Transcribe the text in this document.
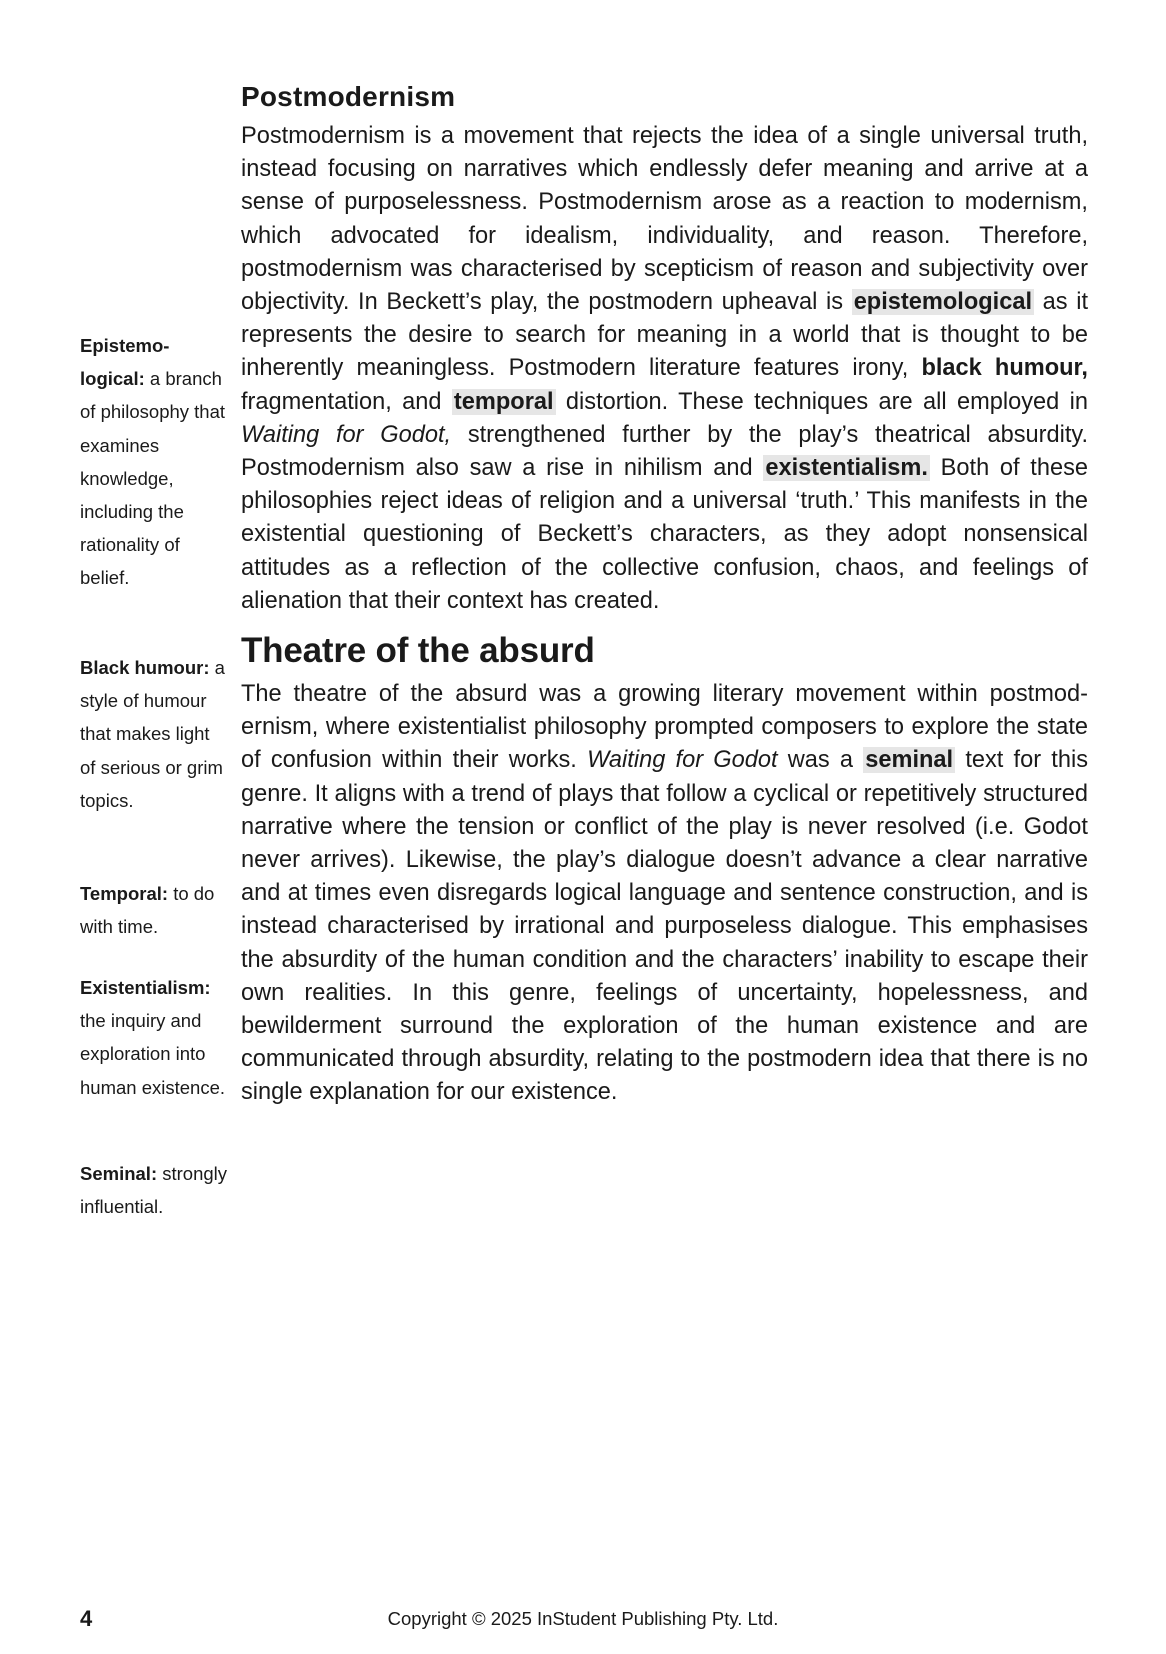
Postmodernism

Postmodernism is a movement that rejects the idea of a single universal truth, instead focusing on narratives which endlessly defer meaning and arrive at a sense of purposelessness. Postmodernism arose as a reaction to modernism, which advocated for idealism, individuality, and reason. Therefore, postmodernism was characterised by scepticism of reason and subjectivity over objectivity. In Beckett’s play, the postmodern upheaval is epistemological as it represents the desire to search for meaning in a world that is thought to be inherently meaningless. Postmodern literature features irony, black humour, fragmentation, and temporal distortion. These techniques are all employed in Waiting for Godot, strengthened further by the play’s theatrical absurdity. Postmodernism also saw a rise in nihilism and existentialism. Both of these philosophies reject ideas of religion and a universal ‘truth.’ This manifests in the existential questioning of Beckett’s characters, as they adopt nonsensical attitudes as a reflection of the collective confusion, chaos, and feelings of alienation that their context has created.

Theatre of the absurd

The theatre of the absurd was a growing literary movement within postmodernism, where existentialist philosophy prompted composers to explore the state of confusion within their works. Waiting for Godot was a seminal text for this genre. It aligns with a trend of plays that follow a cyclical or repetitively structured narrative where the tension or conflict of the play is never resolved (i.e. Godot never arrives). Likewise, the play’s dialogue doesn’t advance a clear narrative and at times even disregards logical language and sentence construction, and is instead characterised by irrational and purposeless dialogue. This emphasises the absurdity of the human condition and the characters’ inability to escape their own realities. In this genre, feelings of uncertainty, hopelessness, and bewilderment surround the exploration of the human existence and are communicated through absurdity, relating to the postmodern idea that there is no single explanation for our existence.

Epistemological: a branch of philosophy that examines knowledge, including the rationality of belief.
Black humour: a style of humour that makes light of serious or grim topics.
Temporal: to do with time.
Existentialism: the inquiry and exploration into human existence.
Seminal: strongly influential.
4	Copyright © 2025 InStudent Publishing Pty. Ltd.
